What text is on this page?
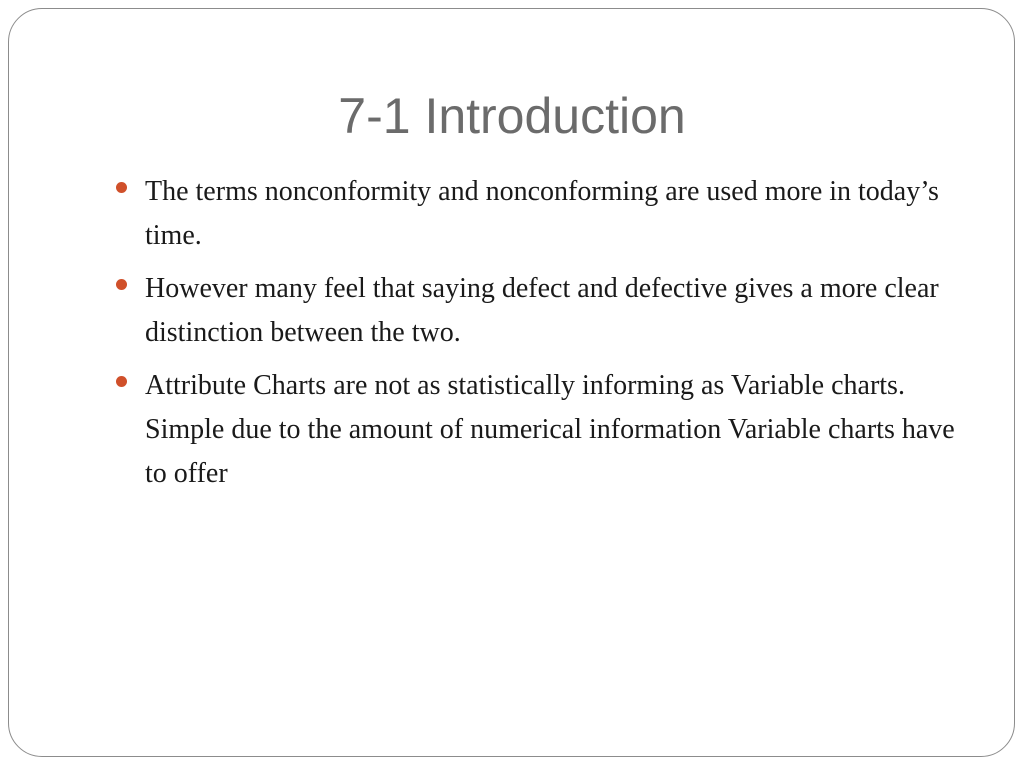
7-1 Introduction
The terms nonconformity and nonconforming are used more in today’s time.
However many feel that saying defect and defective gives a more clear distinction between the two.
Attribute Charts are not as statistically informing as Variable charts. Simple due to the amount of numerical information Variable charts have to offer
